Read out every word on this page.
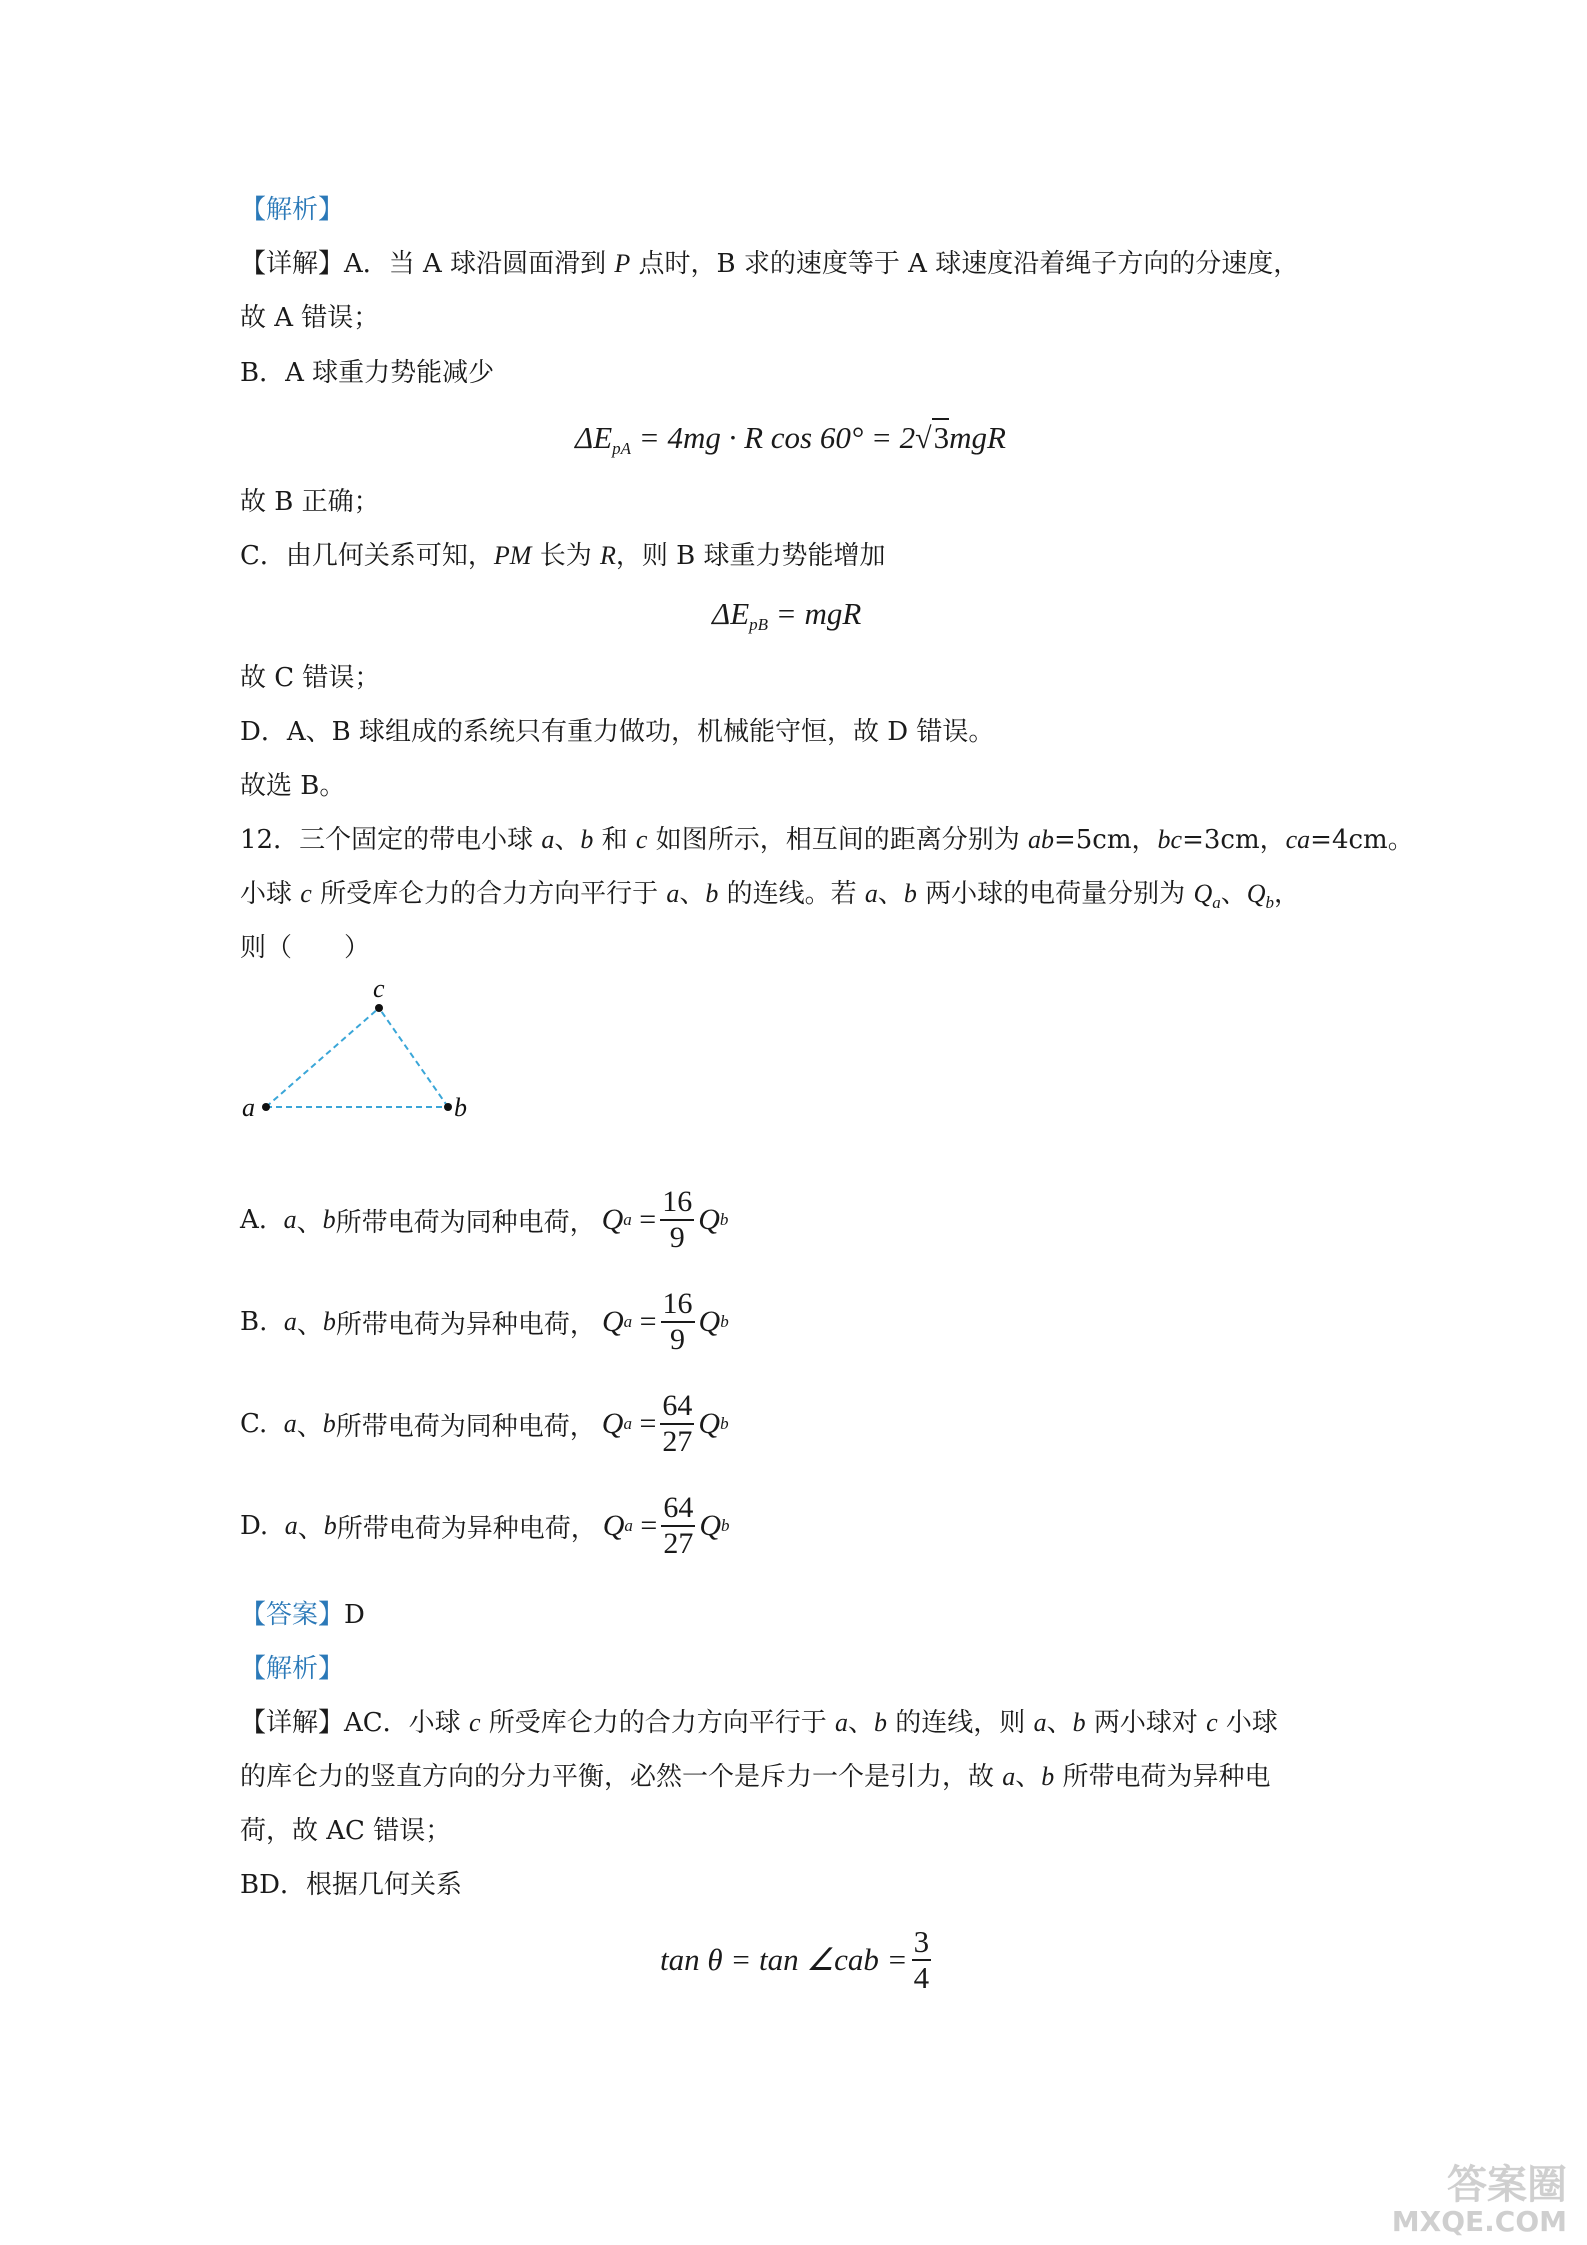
【解析】
【详解】A．当 A 球沿圆面滑到 P 点时，B 求的速度等于 A 球速度沿着绳子方向的分速度，
故 A 错误；
B．A 球重力势能减少
$\Delta E_{pA} = 4mg \cdot R$ cos 60° = 2√3mgR
故 B 正确；
C．由几何关系可知，PM 长为 R，则 B 球重力势能增加
$\Delta E_{pB}$ = mgR
故 C 错误；
D．A、B 球组成的系统只有重力做功，机械能守恒，故 D 错误。
故选 B。
12．三个固定的带电小球 a、b 和 c 如图所示，相互间的距离分别为 ab=5cm，bc=3cm，ca=4cm。
小球 c 所受库仑力的合力方向平行于 a、b 的连线。若 a、b 两小球的电荷量分别为 $Q_a$、$Q_b$，
则（　　）
a	b
c
A.
a 、 b 所带电荷为同种电荷， Q $a = \frac{16}{9}$ Q b
B.
a 、 b 所带电荷为异种电荷， Q $a = \frac{16}{9}$ Q b
C.
a 、 b 所带电荷为同种电荷， Q $a = \frac{64}{27}$ Q b
D.
a 、 b 所带电荷为异种电荷， Q $a = \frac{64}{27}$ Q b
【答案】D
【解析】
【详解】AC．小球 c 所受库仑力的合力方向平行于 a、b 的连线，则 a、b 两小球对 c 小球
的库仑力的竖直方向的分力平衡，必然一个是斥力一个是引力，故 a、b 所带电荷为异种电
荷，故 AC 错误；
BD．根据几何关系
tan θ = tan ∠cab = $\frac{3}{4}$
答案圈
MXQE.COM
